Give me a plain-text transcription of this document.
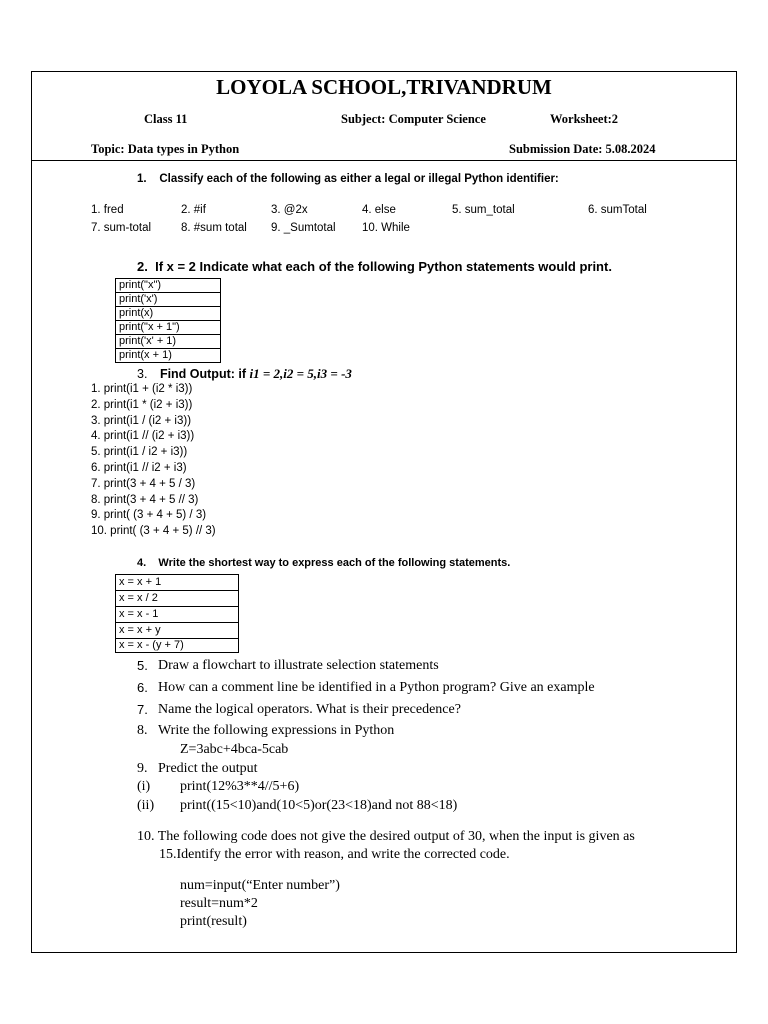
LOYOLA SCHOOL,TRIVANDRUM
Class 11	Subject: Computer Science	Worksheet:2
Topic: Data types in Python	Submission Date: 5.08.2024
1. Classify each of the following as either a legal or illegal Python identifier:
1. fred	2. #if	3. @2x	4. else	5. sum_total	6. sumTotal
7. sum-total	8. #sum total 9. _Sumtotal 10. While
2. If x = 2 Indicate what each of the following Python statements would print.
print("x")
print('x')
print(x)
print("x + 1")
print('x' + 1)
print(x + 1)
3. Find Output: if i1 = 2,i2 = 5,i3 = -3
1. print(i1 + (i2 * i3))
2. print(i1 * (i2 + i3))
3. print(i1 / (i2 + i3))
4. print(i1 // (i2 + i3))
5. print(i1 / i2 + i3))
6. print(i1 // i2 + i3)
7. print(3 + 4 + 5 / 3)
8. print(3 + 4 + 5 // 3)
9. print( (3 + 4 + 5) / 3)
10. print( (3 + 4 + 5) // 3)
4. Write the shortest way to express each of the following statements.
x = x + 1
x = x / 2
x = x - 1
x = x + y
x = x - (y + 7)
5. Draw a flowchart to illustrate selection statements
6. How can a comment line be identified in a Python program? Give an example
7. Name the logical operators. What is their precedence?
8. Write the following expressions in Python
Z=3abc+4bca-5cab
9. Predict the output
(i) print(12%3**4//5+6)
(ii) print((15<10)and(10<5)or(23<18)and not 88<18)
10. The following code does not give the desired output of 30, when the input is given as
15.Identify the error with reason, and write the corrected code.
num=input(“Enter number”)
result=num*2
print(result)
